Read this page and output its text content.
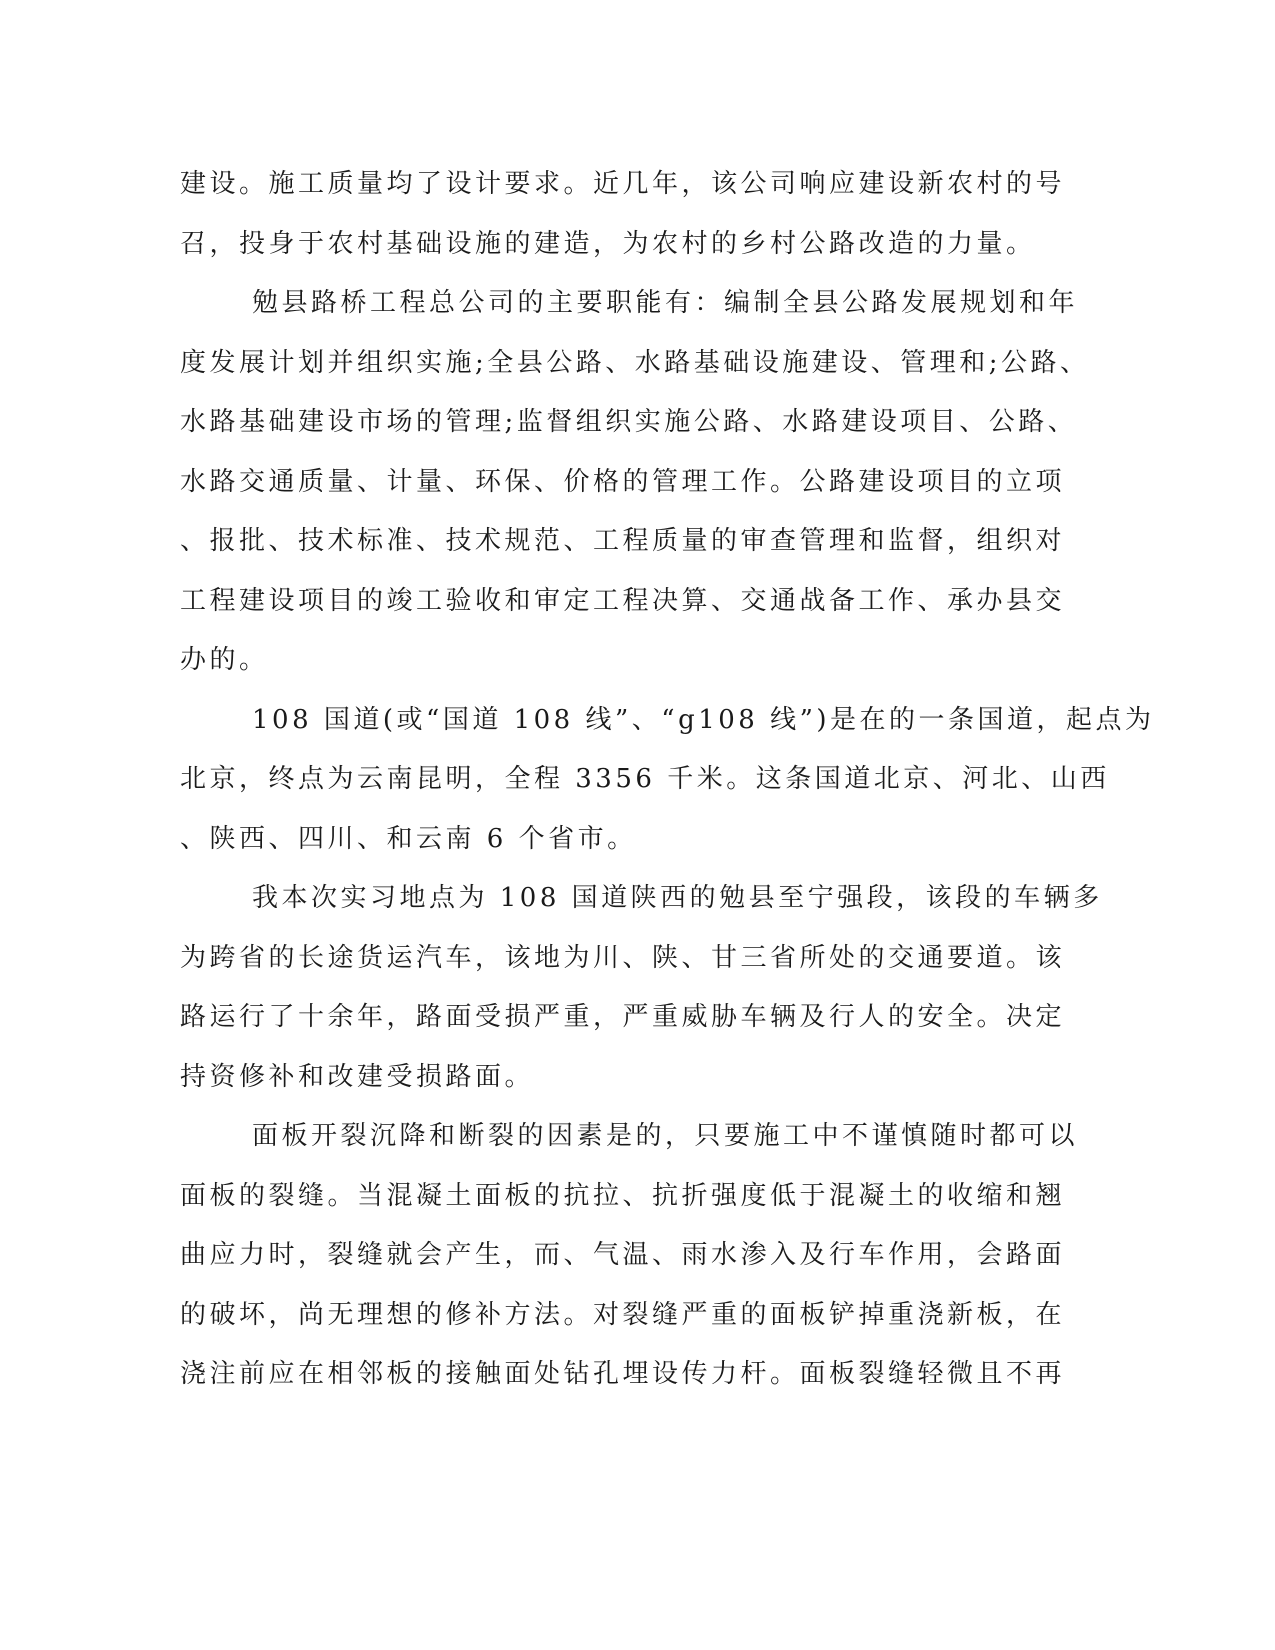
建设。施工质量均了设计要求。近几年，该公司响应建设新农村的号
召，投身于农村基础设施的建造，为农村的乡村公路改造的力量。
勉县路桥工程总公司的主要职能有：编制全县公路发展规划和年
度发展计划并组织实施;全县公路、水路基础设施建设、管理和;公路、
水路基础建设市场的管理;监督组织实施公路、水路建设项目、公路、
水路交通质量、计量、环保、价格的管理工作。公路建设项目的立项
、报批、技术标准、技术规范、工程质量的审查管理和监督，组织对
工程建设项目的竣工验收和审定工程决算、交通战备工作、承办县交
办的。
108 国道(或“国道 108 线”、“g108 线”)是在的一条国道，起点为
北京，终点为云南昆明，全程 3356 千米。这条国道北京、河北、山西
、陕西、四川、和云南 6 个省市。
我本次实习地点为 108 国道陕西的勉县至宁强段，该段的车辆多
为跨省的长途货运汽车，该地为川、陕、甘三省所处的交通要道。该
路运行了十余年，路面受损严重，严重威胁车辆及行人的安全。决定
持资修补和改建受损路面。
面板开裂沉降和断裂的因素是的，只要施工中不谨慎随时都可以
面板的裂缝。当混凝土面板的抗拉、抗折强度低于混凝土的收缩和翘
曲应力时，裂缝就会产生，而、气温、雨水渗入及行车作用，会路面
的破坏，尚无理想的修补方法。对裂缝严重的面板铲掉重浇新板，在
浇注前应在相邻板的接触面处钻孔埋设传力杆。面板裂缝轻微且不再
